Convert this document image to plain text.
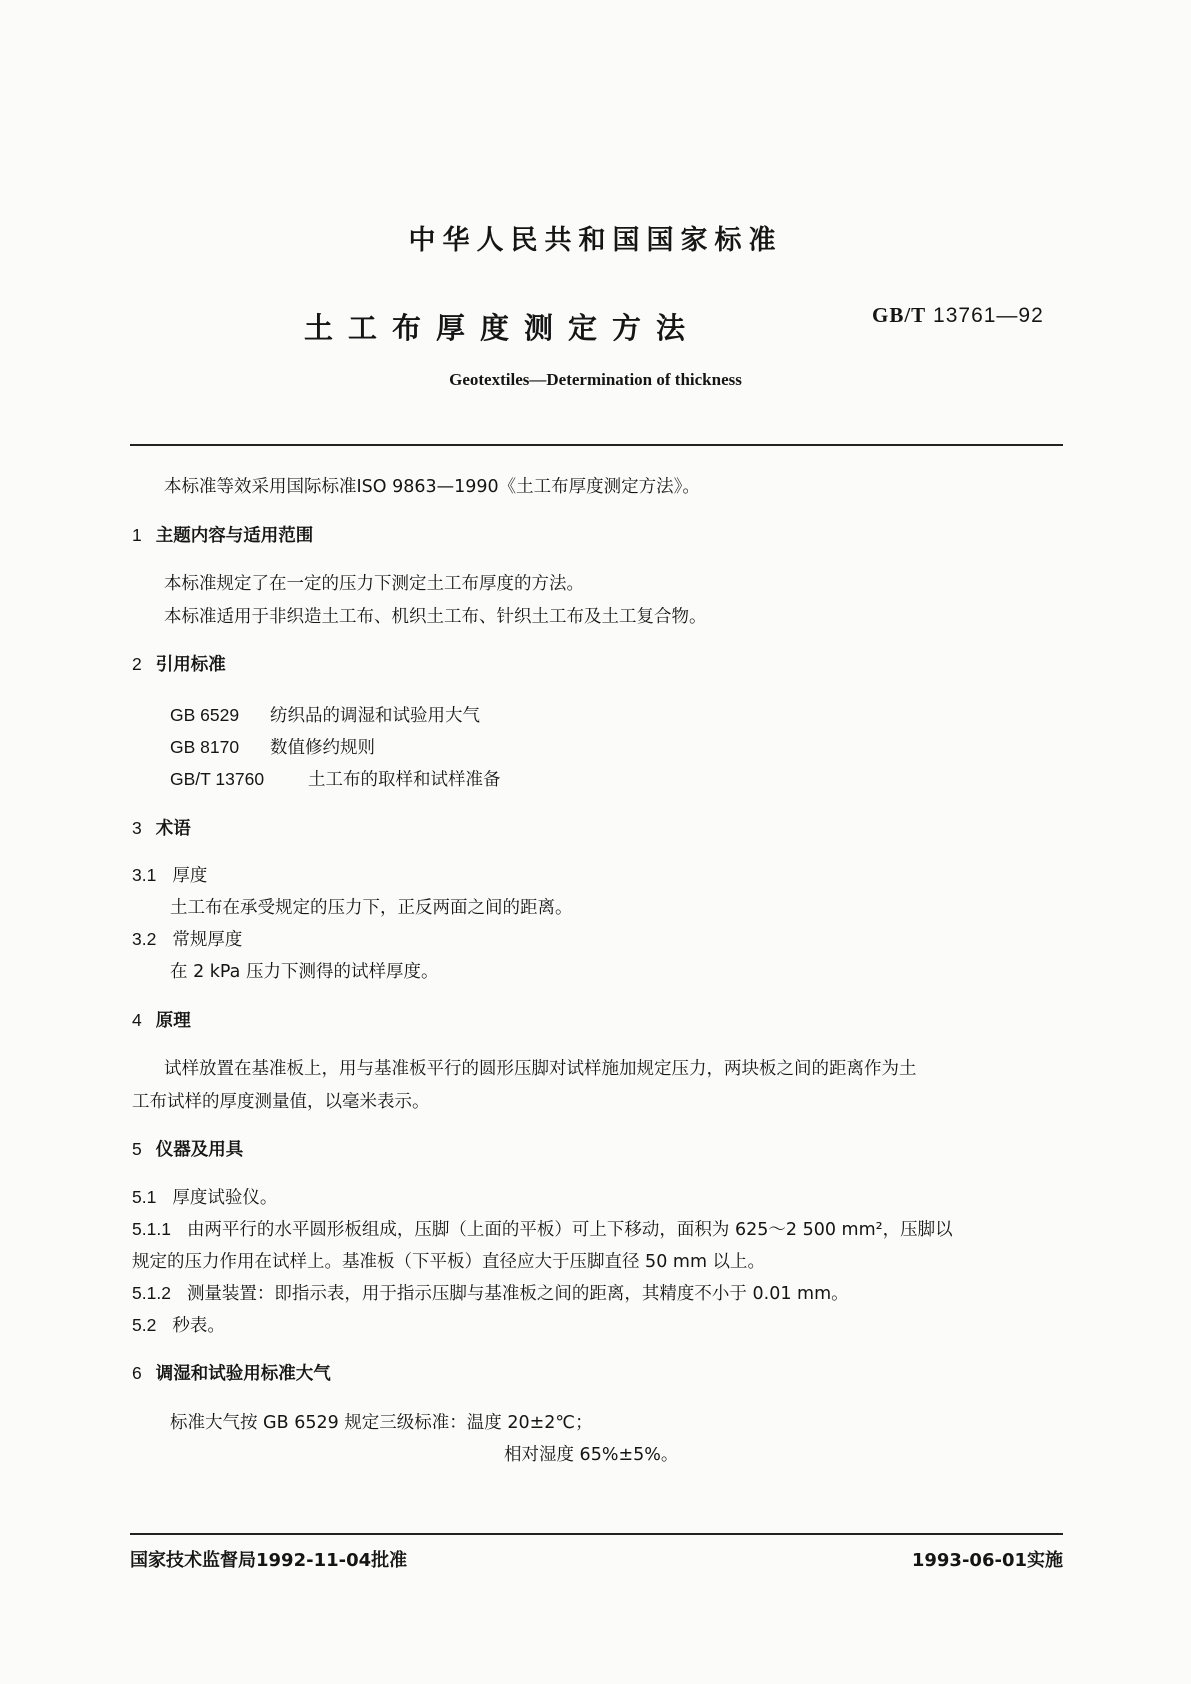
中华人民共和国国家标准
土工布厚度测定方法	GB/T 13761—92
Geotextiles—Determination of thickness
本标准等效采用国际标准ISO 9863—1990《土工布厚度测定方法》。
1 主题内容与适用范围
本标准规定了在一定的压力下测定土工布厚度的方法。
本标准适用于非织造土工布、机织土工布、针织土工布及土工复合物。
2 引用标准
GB 6529 纺织品的调湿和试验用大气
GB 8170 数值修约规则
GB/T 13760	土工布的取样和试样准备
3 术语
3.1 厚度
土工布在承受规定的压力下，正反两面之间的距离。
3.2 常规厚度
在 2 kPa 压力下测得的试样厚度。
4 原理
试样放置在基准板上，用与基准板平行的圆形压脚对试样施加规定压力，两块板之间的距离作为土
工布试样的厚度测量值，以毫米表示。
5 仪器及用具
5.1 厚度试验仪。
5.1.1 由两平行的水平圆形板组成，压脚（上面的平板）可上下移动，面积为 625～2 500 mm²，压脚以
规定的压力作用在试样上。基准板（下平板）直径应大于压脚直径 50 mm 以上。
5.1.2 测量装置：即指示表，用于指示压脚与基准板之间的距离，其精度不小于 0.01 mm。
5.2 秒表。
6 调湿和试验用标准大气
标准大气按 GB 6529 规定三级标准：温度 20±2℃；
相对湿度 65%±5%。
国家技术监督局1992-11-04批准	1993-06-01实施
